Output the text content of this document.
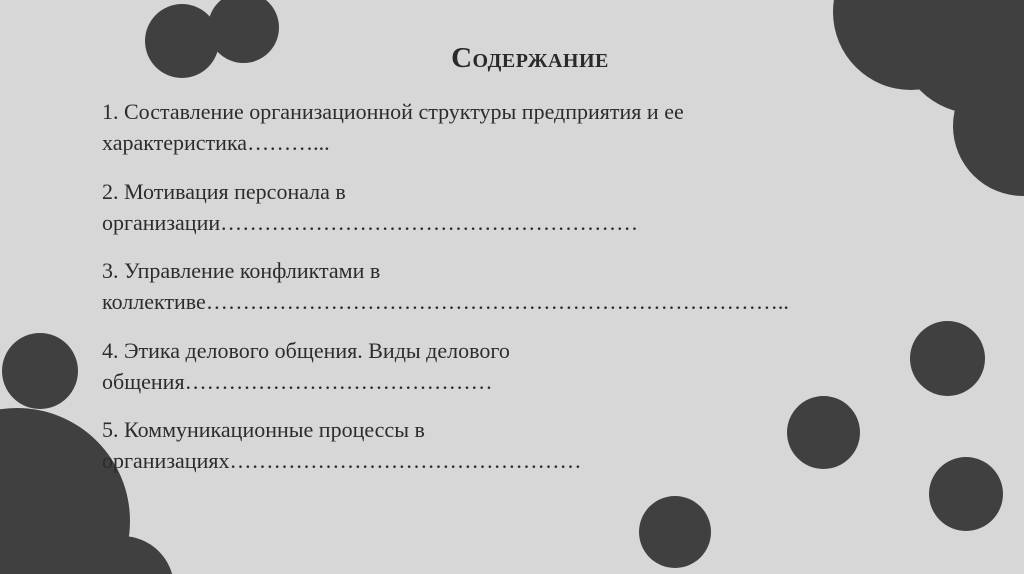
Содержание
1. Составление организационной структуры предприятия и ее
характеристика………...
2. Мотивация персонала в
организации…………………………………………………
3. Управление конфликтами в
коллективе……………………………………………………………………..
4. Этика делового общения. Виды делового
общения……………………………………
5. Коммуникационные процессы в
организациях…………………………………………
